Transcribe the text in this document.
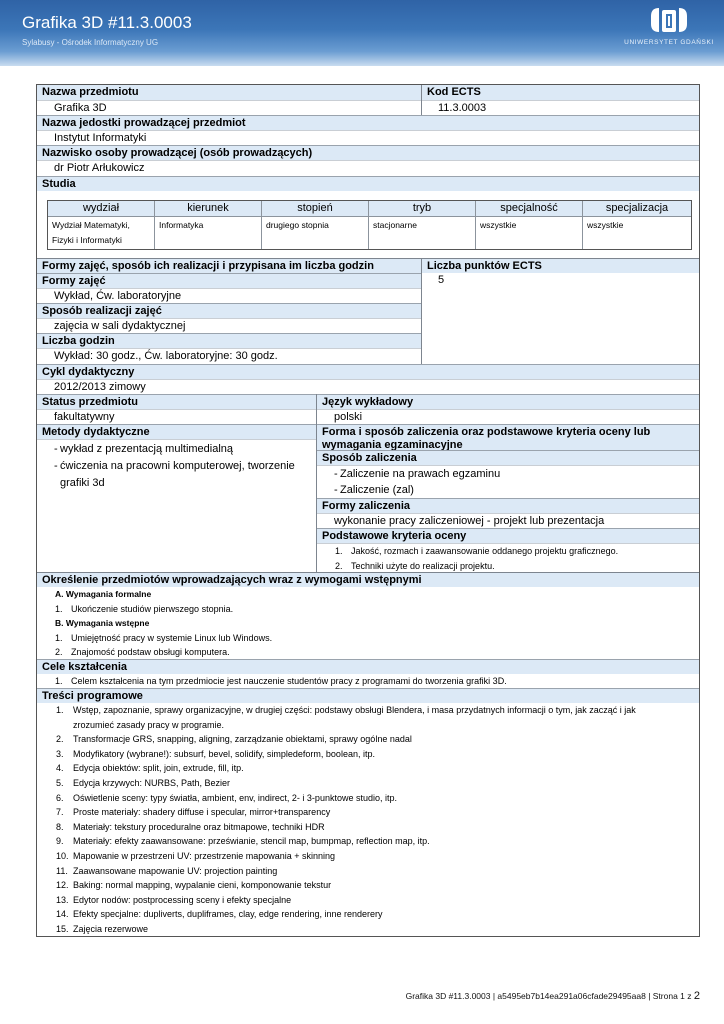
Grafika 3D #11.3.0003
Sylabusy - Ośrodek Informatyczny UG	UNIWERSYTET GDAŃSKI
Nazwa przedmiotu	Kod ECTS
Grafika 3D	11.3.0003
Nazwa jedostki prowadzącej przedmiot
Instytut Informatyki
Nazwisko osoby prowadzącej (osób prowadzących)
dr Piotr Arłukowicz
Studia
wydział	kierunek	stopień	tryb	specjalność	specjalizacja
Wydział Matematyki,
Fizyki i Informatyki
Informatyka	drugiego stopnia	stacjonarne	wszystkie	wszystkie
Formy zajęć, sposób ich realizacji i przypisana im liczba godzin	Liczba punktów ECTS
5
Formy zajęć
Wykład, Ćw. laboratoryjne
Sposób realizacji zajęć
zajęcia w sali dydaktycznej
Liczba godzin
Wykład: 30 godz., Ćw. laboratoryjne: 30 godz.
Cykl dydaktyczny
2012/2013 zimowy
Status przedmiotu	Język wykładowy
fakultatywny	polski
Metody dydaktyczne
- wykład z prezentacją multimedialną
- ćwiczenia na pracowni komputerowej, tworzenie
grafiki 3d
Forma i sposób zaliczenia oraz podstawowe kryteria oceny lub
wymagania egzaminacyjne
Sposób zaliczenia
- Zaliczenie na prawach egzaminu
- Zaliczenie (zal)
Formy zaliczenia
wykonanie pracy zaliczeniowej - projekt lub prezentacja
Podstawowe kryteria oceny
1. Jakość, rozmach i zaawansowanie oddanego projektu graficznego.
2. Techniki użyte do realizacji projektu.
Określenie przedmiotów wprowadzających wraz z wymogami wstępnymi
A. Wymagania formalne
1. Ukończenie studiów pierwszego stopnia.
B. Wymagania wstępne
1. Umiejętność pracy w systemie Linux lub Windows.
2. Znajomość podstaw obsługi komputera.
Cele kształcenia
1. Celem kształcenia na tym przedmiocie jest nauczenie studentów pracy z programami do tworzenia grafiki 3D.
Treści programowe
1. Wstęp, zapoznanie, sprawy organizacyjne, w drugiej części: podstawy obsługi Blendera, i masa przydatnych informacji o tym, jak zacząć i jak
zrozumieć zasady pracy w programie.
2. Transformacje GRS, snapping, aligning, zarządzanie obiektami, sprawy ogólne nadal
3. Modyfikatory (wybrane!): subsurf, bevel, solidify, simpledeform, boolean, itp.
4. Edycja obiektów: split, join, extrude, fill, itp.
5. Edycja krzywych: NURBS, Path, Bezier
6. Oświetlenie sceny: typy światła, ambient, env, indirect, 2- i 3-punktowe studio, itp.
7. Proste materiały: shadery diffuse i specular, mirror+transparency
8. Materiały: tekstury proceduralne oraz bitmapowe, techniki HDR
9. Materiały: efekty zaawansowane: prześwianie, stencil map, bumpmap, reflection map, itp.
10. Mapowanie w przestrzeni UV: przestrzenie mapowania + skinning
11. Zaawansowane mapowanie UV: projection painting
12. Baking: normal mapping, wypalanie cieni, komponowanie tekstur
13. Edytor nodów: postprocessing sceny i efekty specjalne
14. Efekty specjalne: dupliverts, dupliframes, clay, edge rendering, inne renderery
15. Zajęcia rezerwowe
Grafika 3D #11.3.0003 | a5495eb7b14ea291a06cfade29495aa8 | Strona 1 z 2
